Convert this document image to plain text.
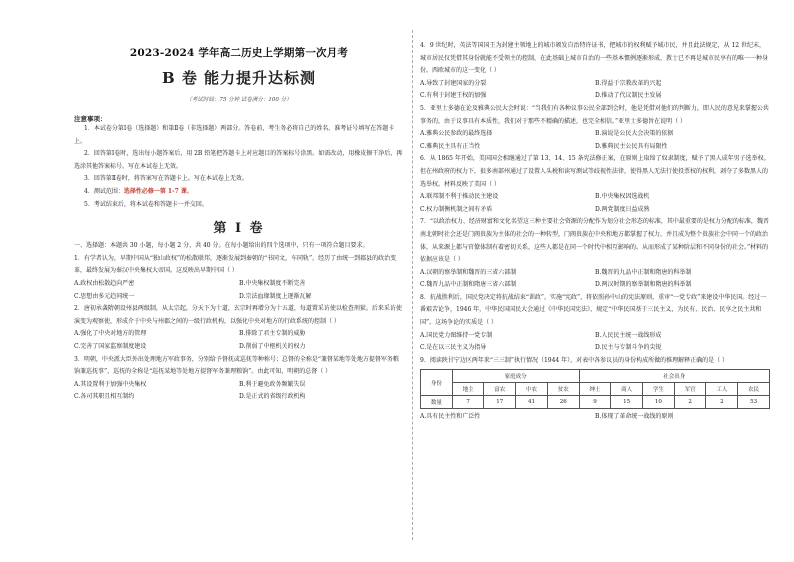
2023-2024 学年高二历史上学期第一次月考
B 卷 能力提升达标测
（考试时间：75 分钟 试卷满分：100 分）
注意事项：
1．本试卷分第Ⅰ卷（选择题）和第Ⅱ卷（非选择题）两部分。答卷前，考生务必将自己的姓名、准考证号填写在答题卡上。
2．回答第Ⅰ卷时，选出每小题答案后，用 2B 铅笔把答题卡上对应题目的答案标号涂黑。如需改动，用橡皮擦干净后，再选涂其他答案标号。写在本试卷上无效。
3．回答第Ⅱ卷时，将答案写在答题卡上。写在本试卷上无效。
4．测试范围：选择性必修一第 1-7 课。
5．考试结束后，将本试卷和答题卡一并交回。
第 Ⅰ 卷
一、选择题：本题共 30 小题，每小题 2 分，共 40 分。在每小题给出的四个选项中，只有一项符合题目要求。
1．有学者认为，早期中国从“独山政权”的松散联邦，逐渐发展到秦朝的“书同文，车同轨”，经历了由统一到郡县的政治变革，最终发展为秦汉中央集权大帝国。这反映出早期中国（ ）
A.政权由松散趋向严密	B.中央集权制度不断完善
C.思想由多元趋同统一	D.宗法血缘制度上逐渐瓦解
2．唐初承袭隋朝设州县两级制，从太宗起，分天下为十道，玄宗时再增分为十五道，每道置采访使以检查刑狱。后来采访使演变为观察使，形成介于中央与州郡之间的一级行政机构，以强化中央对地方的行政系统的控制（ ）
A.强化了中央对地方的管理	B.排除了君主专制的威胁
C.完善了国家监察制度建设	D.削弱了中枢机关的权力
3．明朝，中央派大臣外出处理地方军政事务，分别给予督抚或巡抚等种称号；总督的全称是“兼督某地等处地方提督军务粮饷兼巡抚事”，巡抚的全称是“巡抚某地等处地方提督军务兼理粮饷”。由此可知，明朝的总督（ ）
A.其设置利于加强中央集权	B.利于避免政务频繁失误
C.各司其职且相互制约	D.是正式的省级行政机构
4．9 世纪时，英法等国国王为封建主领地上的城市颁发自治特许证书，把城市的权利赋予城市民，并且此法规定，从 12 世纪末，城市居民仅凭借其身份就能不受领主的控制，在此基础上城市自治的一些基本惯例逐渐形成，教士已不再是城市民享有的唯一一种身份。西欧城市的这一变化（ ）
A.导致了封建国家的分裂	B.得益于宗教改革的兴起
C.有利于封建王权的加强	D.推动了代议制民主发展
5．亚里士多德在论及雅典公民大会时说：“当我们有各种议事公民全部到会时，他是凭借对他们的判断力，即人民的意见来掌握公共事务的，由于议事具有本质性，我们对于那些不精确的描述，也完全相信。”亚里士多德旨在说明（ ）
A.雅典公民参政的最终选择	B.演说是公民大会决策的依据
C.雅典民主具有正当性	D.雅典民主公民具有局限性
6．从 1865 年开始，美国国会相继通过了第 13、14、15 条宪法修正案，在原则上取缔了奴隶制度，赋予了黑人成年男子选举权。但在州政府的权力下，很多南部州通过了设置人头税和读写测试等歧视性法律，使得黑人无法行使投票权的权利，剥夺了多数黑人的选举权。材料反映了美国（ ）
A.联邦制不利于推动民主建设	B.中央集权因选战机
C.权力制衡机制之间有矛盾	D.两党制度日益成熟
7．“以政治权力、经济财富和文化名望这三种主要社会资源的分配作为划分社会形态的标准，其中最重要的是权力分配的标准，魏晋南北朝时社会还是门阀贵族为主体的社会的一种转型，门阀贵族在中央和地方都掌握了权力，并且成为整个贵族社会中同一个的政治体，从来源上都与官僚体制有着密切关系，这些人都是在同一个时代中相互影响的。从而形成了某种阶层和不同身份的社会。”材料的依据应该是（ ）
A.汉朝的察举制和魏晋的三省六部制	B.魏晋的九品中正制和隋唐的科举制
C.魏晋九品中正制和隋唐三省六部制	D.两汉时期的察举制和隋唐的科举制
8．抗战胜利后，国民党决定将抗战结束“训政”，实施“宪政”，将依照孙中山的宪法原则，重审“一党专政”来建设中华民国。经过一番艰苦论争，1946 年，中华民国国民大会通过《中华民国宪法》，规定“中华民国基于三民主义，为民有、民治、民享之民主共和国”。这场争论的实质是（ ）
A.国民党力图维持一党专制	B.人民民主统一战线形成
C.是在以三民主义为指导	D.民主与专制斗争的尖锐
9．阅读陕甘宁边区两年来“三三制”执行情况（1944 年），对表中各参议员的身份构成所做的推理解释正确的是（ ）
身份	家庭成分				社会出身					
	地主	富农	中农	贫农	绅士	商人	学生	军官	工人	农民
数量	7	17	41	26	9	15	10	2	2	53
A.具有民主性和广泛性	B.体现了革命统一战线的原则
